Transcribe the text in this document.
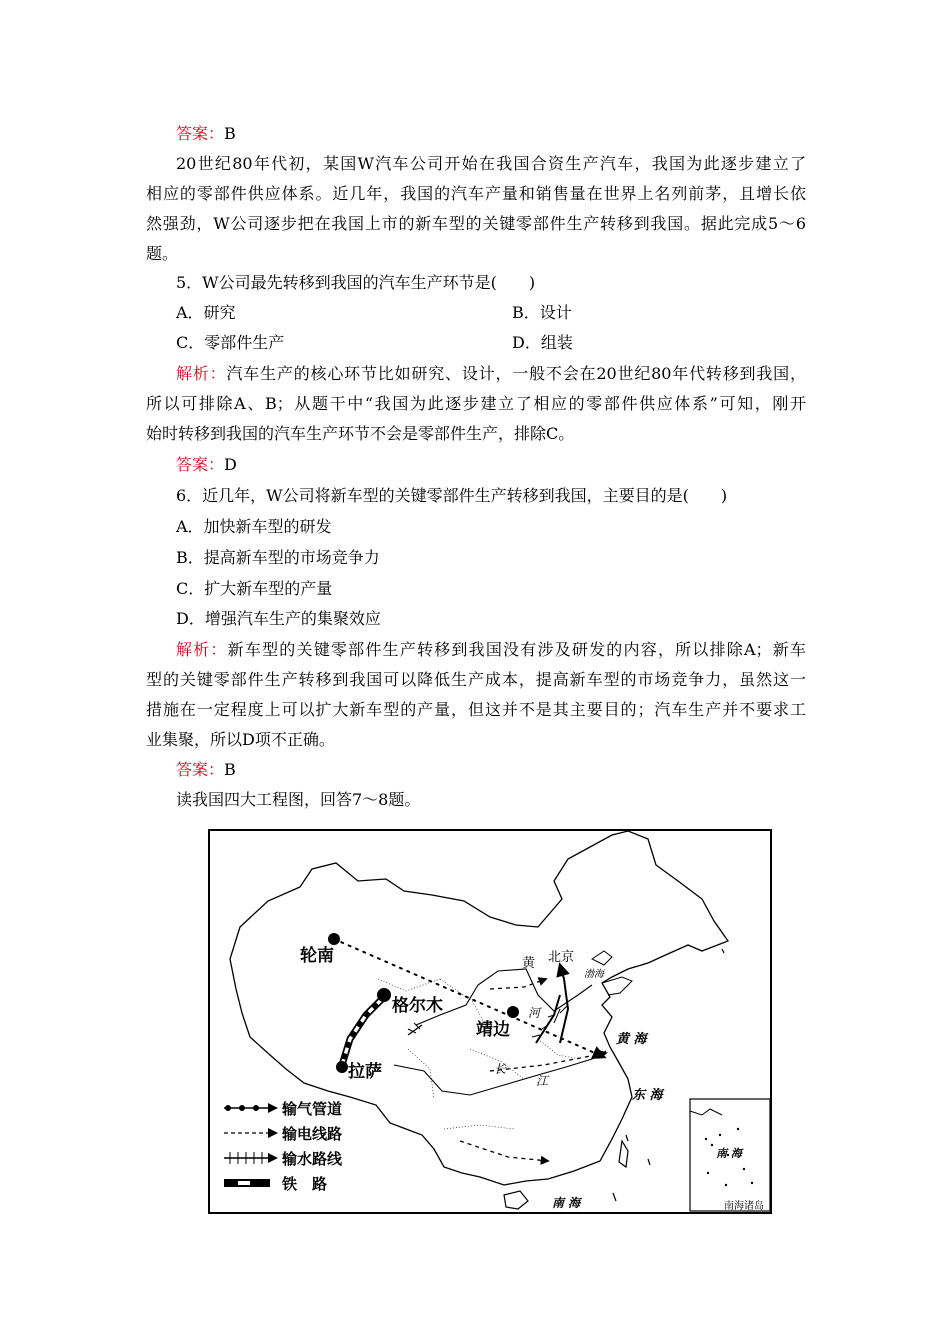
答案：B
20世纪80年代初，某国W汽车公司开始在我国合资生产汽车，我国为此逐步建立了
相应的零部件供应体系。近几年，我国的汽车产量和销售量在世界上名列前茅，且增长依
然强劲，W公司逐步把在我国上市的新车型的关键零部件生产转移到我国。据此完成5～6
题。
5．W公司最先转移到我国的汽车生产环节是(　　)
A．研究	B．设计
C．零部件生产	D．组装
解析：汽车生产的核心环节比如研究、设计，一般不会在20世纪80年代转移到我国，
所以可排除A、B；从题干中“我国为此逐步建立了相应的零部件供应体系”可知，刚开
始时转移到我国的汽车生产环节不会是零部件生产，排除C。
答案：D
6．近几年，W公司将新车型的关键零部件生产转移到我国，主要目的是(　　)
A．加快新车型的研发
B．提高新车型的市场竞争力
C．扩大新车型的产量
D．增强汽车生产的集聚效应
解析：新车型的关键零部件生产转移到我国没有涉及研发的内容，所以排除A；新车
型的关键零部件生产转移到我国可以降低生产成本，提高新车型的市场竞争力，虽然这一
措施在一定程度上可以扩大新车型的产量，但这并不是其主要目的；汽车生产并不要求工
业集聚，所以D项不正确。
答案：B
读我国四大工程图，回答7～8题。
轮南
格尔木
靖边
拉萨
北京
黄
河
渤海
黄 海
长
江
东 海
南 海
南 海
南海诸岛
输气管道
输电线路
输水路线
铁　路
